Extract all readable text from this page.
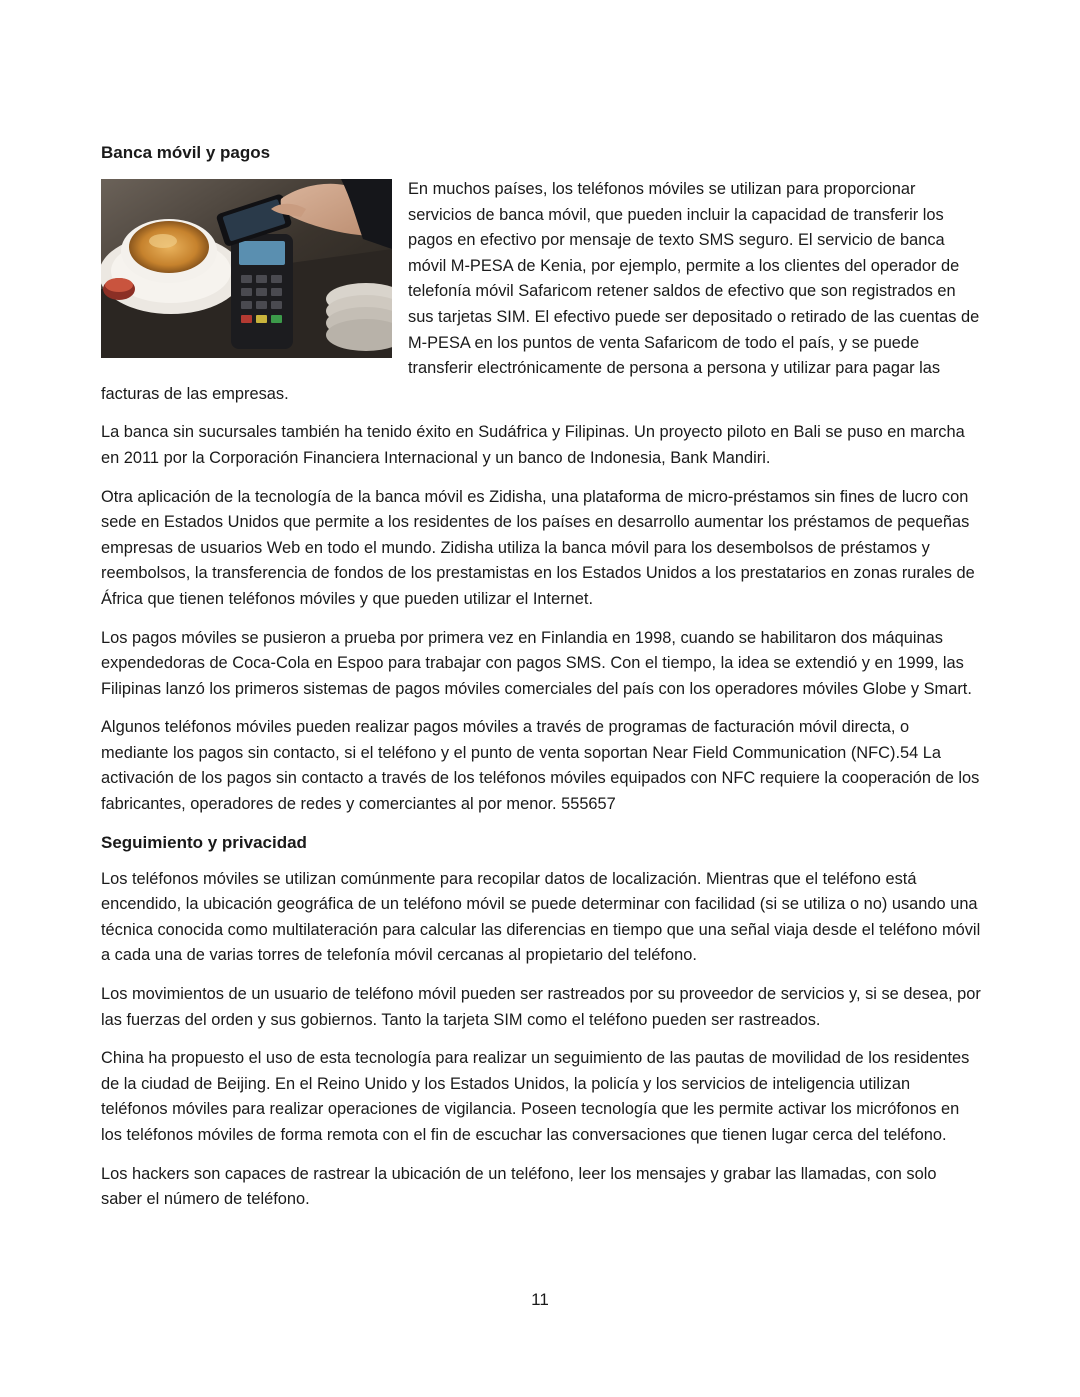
Banca móvil y pagos

En muchos países, los teléfonos móviles se utilizan para proporcionar servicios de banca móvil, que pueden incluir la capacidad de transferir los pagos en efectivo por mensaje de texto SMS seguro. El servicio de banca móvil M-PESA de Kenia, por ejemplo, permite a los clientes del operador de telefonía móvil Safaricom retener saldos de efectivo que son registrados en sus tarjetas SIM. El efectivo puede ser depositado o retirado de las cuentas de M-PESA en los puntos de venta Safaricom de todo el país, y se puede transferir electrónicamente de persona a persona y utilizar para pagar las facturas de las empresas.

La banca sin sucursales también ha tenido éxito en Sudáfrica y Filipinas. Un proyecto piloto en Bali se puso en marcha en 2011 por la Corporación Financiera Internacional y un banco de Indonesia, Bank Mandiri.

Otra aplicación de la tecnología de la banca móvil es Zidisha, una plataforma de micro-préstamos sin fines de lucro con sede en Estados Unidos que permite a los residentes de los países en desarrollo aumentar los préstamos de pequeñas empresas de usuarios Web en todo el mundo. Zidisha utiliza la banca móvil para los desembolsos de préstamos y reembolsos, la transferencia de fondos de los prestamistas en los Estados Unidos a los prestatarios en zonas rurales de África que tienen teléfonos móviles y que pueden utilizar el Internet.

Los pagos móviles se pusieron a prueba por primera vez en Finlandia en 1998, cuando se habilitaron dos máquinas expendedoras de Coca-Cola en Espoo para trabajar con pagos SMS. Con el tiempo, la idea se extendió y en 1999, las Filipinas lanzó los primeros sistemas de pagos móviles comerciales del país con los operadores móviles Globe y Smart.

Algunos teléfonos móviles pueden realizar pagos móviles a través de programas de facturación móvil directa, o mediante los pagos sin contacto, si el teléfono y el punto de venta soportan Near Field Communication (NFC).54 La activación de los pagos sin contacto a través de los teléfonos móviles equipados con NFC requiere la cooperación de los fabricantes, operadores de redes y comerciantes al por menor. 555657

Seguimiento y privacidad

Los teléfonos móviles se utilizan comúnmente para recopilar datos de localización. Mientras que el teléfono está encendido, la ubicación geográfica de un teléfono móvil se puede determinar con facilidad (si se utiliza o no) usando una técnica conocida como multilateración para calcular las diferencias en tiempo que una señal viaja desde el teléfono móvil a cada una de varias torres de telefonía móvil cercanas al propietario del teléfono.

Los movimientos de un usuario de teléfono móvil pueden ser rastreados por su proveedor de servicios y, si se desea, por las fuerzas del orden y sus gobiernos. Tanto la tarjeta SIM como el teléfono pueden ser rastreados.

China ha propuesto el uso de esta tecnología para realizar un seguimiento de las pautas de movilidad de los residentes de la ciudad de Beijing. En el Reino Unido y los Estados Unidos, la policía y los servicios de inteligencia utilizan teléfonos móviles para realizar operaciones de vigilancia. Poseen tecnología que les permite activar los micrófonos en los teléfonos móviles de forma remota con el fin de escuchar las conversaciones que tienen lugar cerca del teléfono.

Los hackers son capaces de rastrear la ubicación de un teléfono, leer los mensajes y grabar las llamadas, con solo saber el número de teléfono.

11
